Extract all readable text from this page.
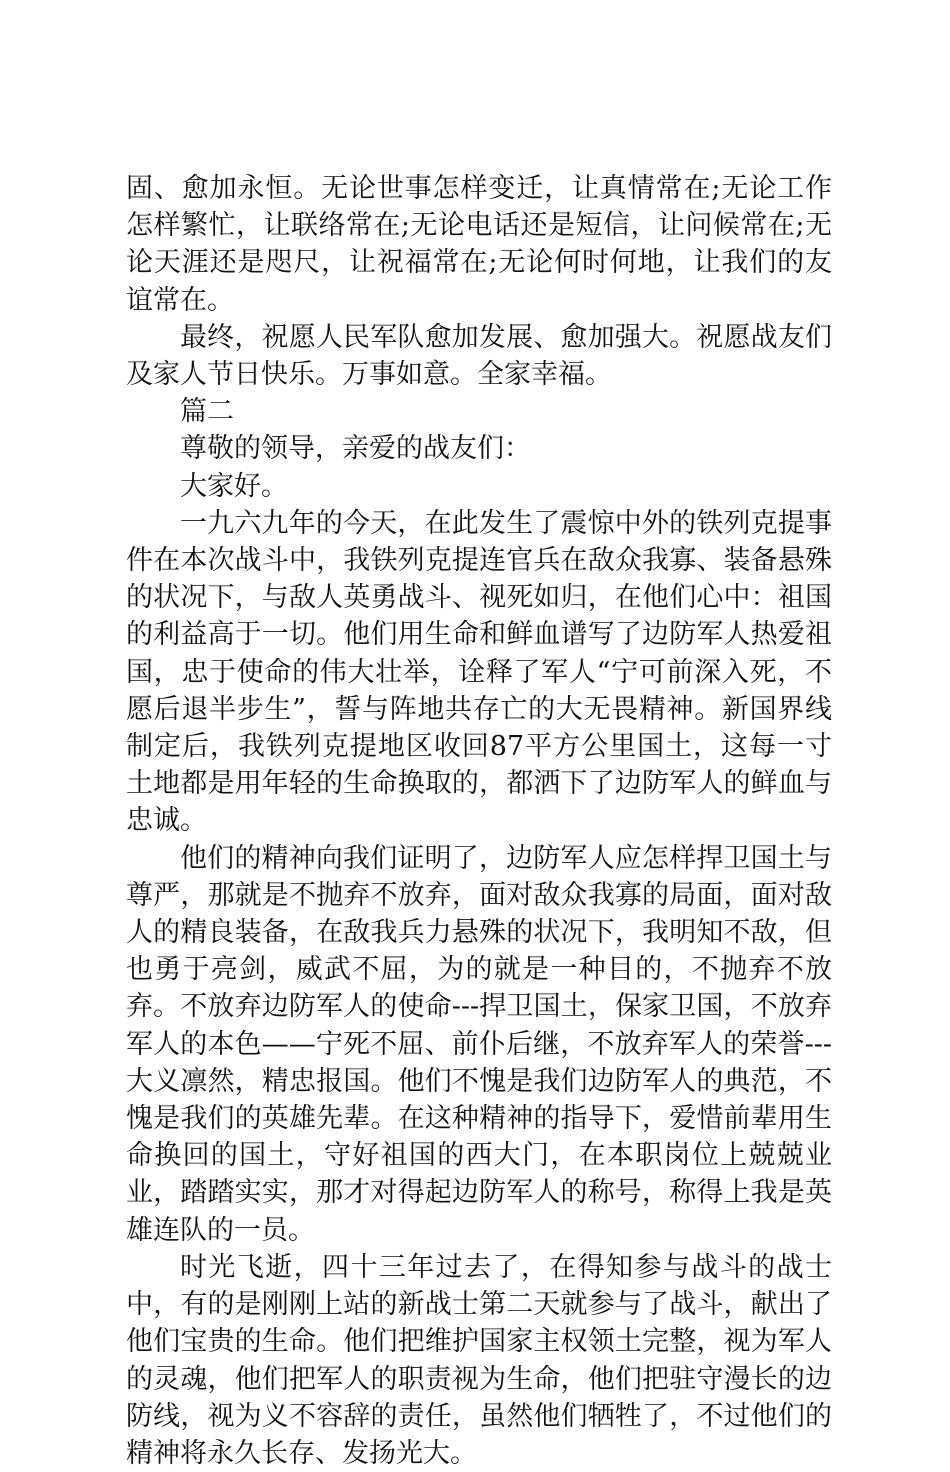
固、愈加永恒。无论世事怎样变迁，让真情常在;无论工作怎样繁忙，让联络常在;无论电话还是短信，让问候常在;无论天涯还是咫尺，让祝福常在;无论何时何地，让我们的友谊常在。

最终，祝愿人民军队愈加发展、愈加强大。祝愿战友们及家人节日快乐。万事如意。全家幸福。

篇二

尊敬的领导，亲爱的战友们：

大家好。

一九六九年的今天，在此发生了震惊中外的铁列克提事件在本次战斗中，我铁列克提连官兵在敌众我寡、装备悬殊的状况下，与敌人英勇战斗、视死如归，在他们心中：祖国的利益高于一切。他们用生命和鲜血谱写了边防军人热爱祖国，忠于使命的伟大壮举，诠释了军人“宁可前深入死，不愿后退半步生”，誓与阵地共存亡的大无畏精神。新国界线制定后，我铁列克提地区收回87平方公里国土，这每一寸土地都是用年轻的生命换取的，都洒下了边防军人的鲜血与忠诚。

他们的精神向我们证明了，边防军人应怎样捍卫国土与尊严，那就是不抛弃不放弃，面对敌众我寡的局面，面对敌人的精良装备，在敌我兵力悬殊的状况下，我明知不敌，但也勇于亮剑，威武不屈，为的就是一种目的，不抛弃不放弃。不放弃边防军人的使命---捍卫国土，保家卫国，不放弃军人的本色——宁死不屈、前仆后继，不放弃军人的荣誉---大义凛然，精忠报国。他们不愧是我们边防军人的典范，不愧是我们的英雄先辈。在这种精神的指导下，爱惜前辈用生命换回的国土，守好祖国的西大门，在本职岗位上兢兢业业，踏踏实实，那才对得起边防军人的称号，称得上我是英雄连队的一员。

时光飞逝，四十三年过去了，在得知参与战斗的战士中，有的是刚刚上站的新战士第二天就参与了战斗，献出了他们宝贵的生命。他们把维护国家主权领土完整，视为军人的灵魂，他们把军人的职责视为生命，他们把驻守漫长的边防线，视为义不容辞的责任，虽然他们牺牲了，不过他们的精神将永久长存、发扬光大。
